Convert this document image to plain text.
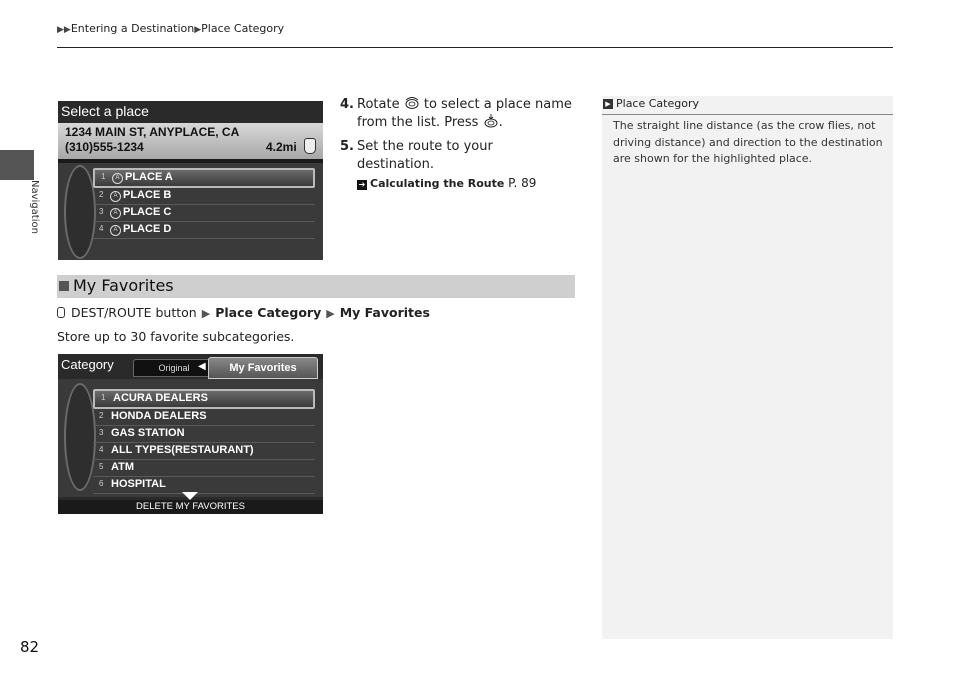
▶▶Entering a Destination▶Place Category
Navigation
82
Select a place
1234 MAIN ST, ANYPLACE, CA
(310)555-1234	4.2mi
1	A PLACE A
2	A PLACE B
3	A PLACE C
4	A PLACE D
4. Rotate to select a place name from the list. Press .
5. Set the route to your destination.
➔ Calculating the Route P. 89
My Favorites
DEST/ROUTE button ▶ Place Category ▶ My Favorites
Store up to 30 favorite subcategories.
Category	Original ◀	My Favorites
1 ACURA DEALERS
2 HONDA DEALERS
3 GAS STATION
4 ALL TYPES(RESTAURANT)
5 ATM
6 HOSPITAL
DELETE MY FAVORITES
▶ Place Category
The straight line distance (as the crow flies, not driving distance) and direction to the destination are shown for the highlighted place.
